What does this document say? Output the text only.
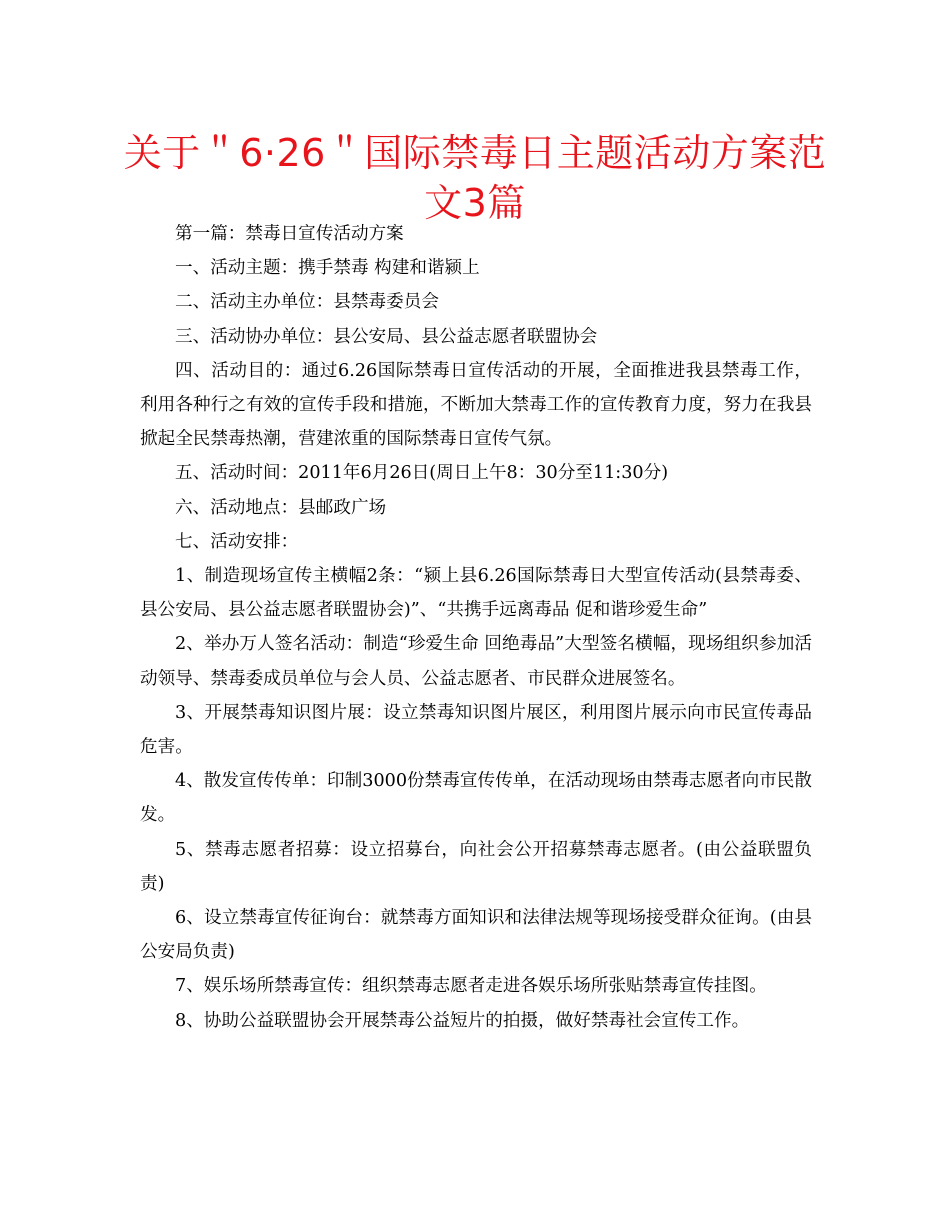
关于＂6·26＂国际禁毒日主题活动方案范文3篇

第一篇：禁毒日宣传活动方案

一、活动主题：携手禁毒 构建和谐颍上

二、活动主办单位：县禁毒委员会

三、活动协办单位：县公安局、县公益志愿者联盟协会

四、活动目的：通过6.26国际禁毒日宣传活动的开展，全面推进我县禁毒工作，利用各种行之有效的宣传手段和措施，不断加大禁毒工作的宣传教育力度，努力在我县掀起全民禁毒热潮，营建浓重的国际禁毒日宣传气氛。

五、活动时间：2011年6月26日(周日上午8：30分至11:30分)

六、活动地点：县邮政广场

七、活动安排：

1、制造现场宣传主横幅2条：“颍上县6.26国际禁毒日大型宣传活动(县禁毒委、县公安局、县公益志愿者联盟协会)”、“共携手远离毒品 促和谐珍爱生命”

2、举办万人签名活动：制造“珍爱生命 回绝毒品”大型签名横幅，现场组织参加活动领导、禁毒委成员单位与会人员、公益志愿者、市民群众进展签名。

3、开展禁毒知识图片展：设立禁毒知识图片展区，利用图片展示向市民宣传毒品危害。

4、散发宣传传单：印制3000份禁毒宣传传单，在活动现场由禁毒志愿者向市民散发。

5、禁毒志愿者招募：设立招募台，向社会公开招募禁毒志愿者。(由公益联盟负责)

6、设立禁毒宣传征询台：就禁毒方面知识和法律法规等现场接受群众征询。(由县公安局负责)

7、娱乐场所禁毒宣传：组织禁毒志愿者走进各娱乐场所张贴禁毒宣传挂图。

8、协助公益联盟协会开展禁毒公益短片的拍摄，做好禁毒社会宣传工作。
